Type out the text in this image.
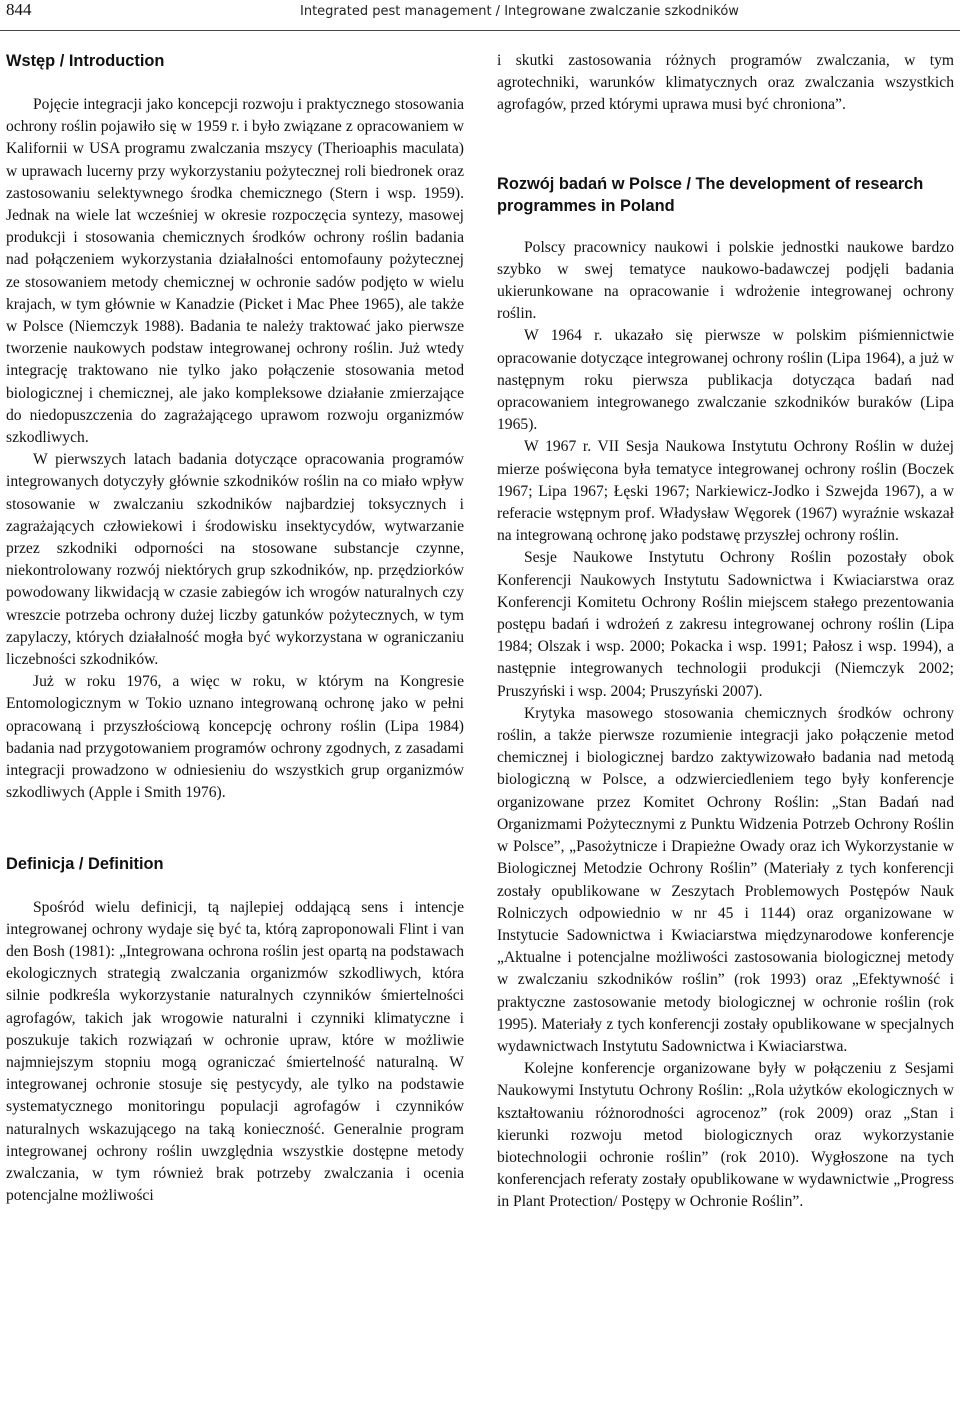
844	Integrated pest management / Integrowane zwalczanie szkodników
Wstęp / Introduction

Pojęcie integracji jako koncepcji rozwoju i praktycznego stosowania ochrony roślin pojawiło się w 1959 r. i było związane z opracowaniem w Kalifornii w USA programu zwalczania mszycy (Therioaphis maculata) w uprawach lucerny przy wykorzystaniu pożytecznej roli biedronek oraz zastosowaniu selektywnego środka chemicznego (Stern i wsp. 1959). Jednak na wiele lat wcześniej w okresie rozpoczęcia syntezy, masowej produkcji i stosowania chemicznych środków ochrony roślin badania nad połączeniem wykorzystania działalności entomofauny pożytecznej ze stosowaniem metody chemicznej w ochronie sadów podjęto w wielu krajach, w tym głównie w Kanadzie (Picket i Mac Phee 1965), ale także w Polsce (Niemczyk 1988). Badania te należy traktować jako pierwsze tworzenie naukowych podstaw integrowanej ochrony roślin. Już wtedy integrację traktowano nie tylko jako połączenie stosowania metod biologicznej i chemicznej, ale jako kompleksowe działanie zmierzające do niedopuszczenia do zagrażającego uprawom rozwoju organizmów szkodliwych.

W pierwszych latach badania dotyczące opracowania programów integrowanych dotyczyły głównie szkodników roślin na co miało wpływ stosowanie w zwalczaniu szkodników najbardziej toksycznych i zagrażających człowiekowi i środowisku insektycydów, wytwarzanie przez szkodniki odporności na stosowane substancje czynne, niekontrolowany rozwój niektórych grup szkodników, np. przędziorków powodowany likwidacją w czasie zabiegów ich wrogów naturalnych czy wreszcie potrzeba ochrony dużej liczby gatunków pożytecznych, w tym zapylaczy, których działalność mogła być wykorzystana w ograniczaniu liczebności szkodników.

Już w roku 1976, a więc w roku, w którym na Kongresie Entomologicznym w Tokio uznano integrowaną ochronę jako w pełni opracowaną i przyszłościową koncepcję ochrony roślin (Lipa 1984) badania nad przygotowaniem programów ochrony zgodnych, z zasadami integracji prowadzono w odniesieniu do wszystkich grup organizmów szkodliwych (Apple i Smith 1976).

Definicja / Definition

Spośród wielu definicji, tą najlepiej oddającą sens i intencje integrowanej ochrony wydaje się być ta, którą zaproponowali Flint i van den Bosh (1981): „Integrowana ochrona roślin jest opartą na podstawach ekologicznych strategią zwalczania organizmów szkodliwych, która silnie podkreśla wykorzystanie naturalnych czynników śmiertelności agrofagów, takich jak wrogowie naturalni i czynniki klimatyczne i poszukuje takich rozwiązań w ochronie upraw, które w możliwie najmniejszym stopniu mogą ograniczać śmiertelność naturalną. W integrowanej ochronie stosuje się pestycydy, ale tylko na podstawie systematycznego monitoringu populacji agrofagów i czynników naturalnych wskazującego na taką konieczność. Generalnie program integrowanej ochrony roślin uwzględnia wszystkie dostępne metody zwalczania, w tym również brak potrzeby zwalczania i ocenia potencjalne możliwości

i skutki zastosowania różnych programów zwalczania, w tym agrotechniki, warunków klimatycznych oraz zwalczania wszystkich agrofagów, przed którymi uprawa musi być chroniona”.

Rozwój badań w Polsce / The development of research programmes in Poland

Polscy pracownicy naukowi i polskie jednostki naukowe bardzo szybko w swej tematyce naukowo-badawczej podjęli badania ukierunkowane na opracowanie i wdrożenie integrowanej ochrony roślin.

W 1964 r. ukazało się pierwsze w polskim piśmiennictwie opracowanie dotyczące integrowanej ochrony roślin (Lipa 1964), a już w następnym roku pierwsza publikacja dotycząca badań nad opracowaniem integrowanego zwalczanie szkodników buraków (Lipa 1965).

W 1967 r. VII Sesja Naukowa Instytutu Ochrony Roślin w dużej mierze poświęcona była tematyce integrowanej ochrony roślin (Boczek 1967; Lipa 1967; Łęski 1967; Narkiewicz-Jodko i Szwejda 1967), a w referacie wstępnym prof. Władysław Węgorek (1967) wyraźnie wskazał na integrowaną ochronę jako podstawę przyszłej ochrony roślin.

Sesje Naukowe Instytutu Ochrony Roślin pozostały obok Konferencji Naukowych Instytutu Sadownictwa i Kwiaciarstwa oraz Konferencji Komitetu Ochrony Roślin miejscem stałego prezentowania postępu badań i wdrożeń z zakresu integrowanej ochrony roślin (Lipa 1984; Olszak i wsp. 2000; Pokacka i wsp. 1991; Pałosz i wsp. 1994), a następnie integrowanych technologii produkcji (Niemczyk 2002; Pruszyński i wsp. 2004; Pruszyński 2007).

Krytyka masowego stosowania chemicznych środków ochrony roślin, a także pierwsze rozumienie integracji jako połączenie metod chemicznej i biologicznej bardzo zaktywizowało badania nad metodą biologiczną w Polsce, a odzwierciedleniem tego były konferencje organizowane przez Komitet Ochrony Roślin: „Stan Badań nad Organizmami Pożytecznymi z Punktu Widzenia Potrzeb Ochrony Roślin w Polsce”, „Pasożytnicze i Drapieżne Owady oraz ich Wykorzystanie w Biologicznej Metodzie Ochrony Roślin” (Materiały z tych konferencji zostały opublikowane w Zeszytach Problemowych Postępów Nauk Rolniczych odpowiednio w nr 45 i 1144) oraz organizowane w Instytucie Sadownictwa i Kwiaciarstwa międzynarodowe konferencje „Aktualne i potencjalne możliwości zastosowania biologicznej metody w zwalczaniu szkodników roślin” (rok 1993) oraz „Efektywność i praktyczne zastosowanie metody biologicznej w ochronie roślin (rok 1995). Materiały z tych konferencji zostały opublikowane w specjalnych wydawnictwach Instytutu Sadownictwa i Kwiaciarstwa.

Kolejne konferencje organizowane były w połączeniu z Sesjami Naukowymi Instytutu Ochrony Roślin: „Rola użytków ekologicznych w kształtowaniu różnorodności agrocenoz” (rok 2009) oraz „Stan i kierunki rozwoju metod biologicznych oraz wykorzystanie biotechnologii ochronie roślin” (rok 2010). Wygłoszone na tych konferencjach referaty zostały opublikowane w wydawnictwie „Progress in Plant Protection/ Postępy w Ochronie Roślin”.
